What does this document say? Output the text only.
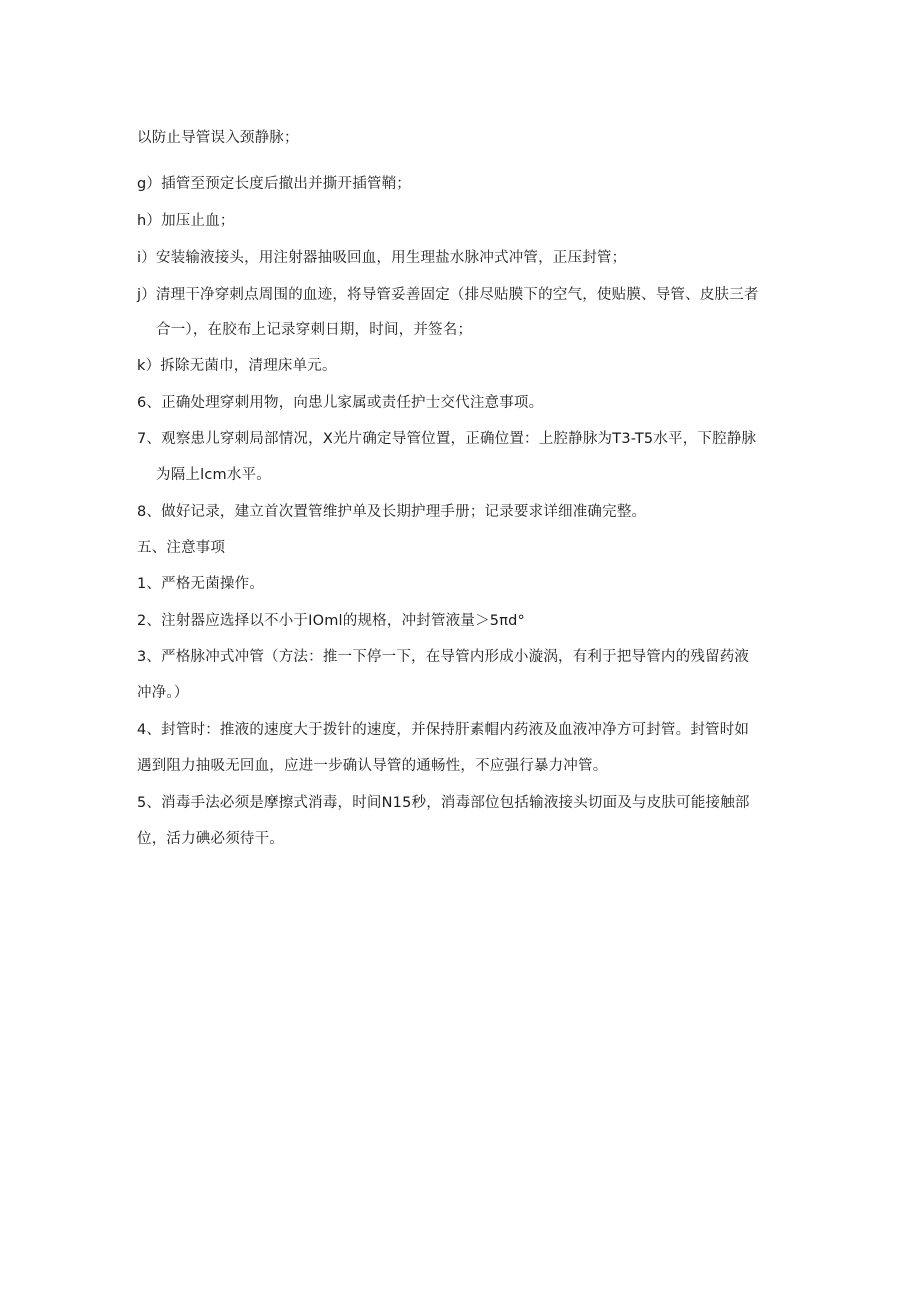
以防止导管误入颈静脉；
g）插管至预定长度后撤出并撕开插管鞘；
h）加压止血；
i）安装输液接头，用注射器抽吸回血，用生理盐水脉冲式冲管，正压封管；
j）清理干净穿刺点周围的血迹，将导管妥善固定（排尽贴膜下的空气，使贴膜、导管、皮肤三者
合一），在胶布上记录穿刺日期，时间，并签名；
k）拆除无菌巾，清理床单元。
6、正确处理穿刺用物，向患儿家属或责任护士交代注意事项。
7、观察患儿穿刺局部情况，X光片确定导管位置，正确位置：上腔静脉为T3-T5水平，下腔静脉
为隔上lcm水平。
8、做好记录，建立首次置管维护单及长期护理手册；记录要求详细准确完整。
五、注意事项
1、严格无菌操作。
2、注射器应选择以不小于IOml的规格，冲封管液量＞5πd°
3、严格脉冲式冲管（方法：推一下停一下，在导管内形成小漩涡，有利于把导管内的残留药液
冲净。）
4、封管时：推液的速度大于拨针的速度，并保持肝素帽内药液及血液冲净方可封管。封管时如
遇到阻力抽吸无回血，应进一步确认导管的通畅性，不应强行暴力冲管。
5、消毒手法必须是摩擦式消毒，时间N15秒，消毒部位包括输液接头切面及与皮肤可能接触部
位，活力碘必须待干。
